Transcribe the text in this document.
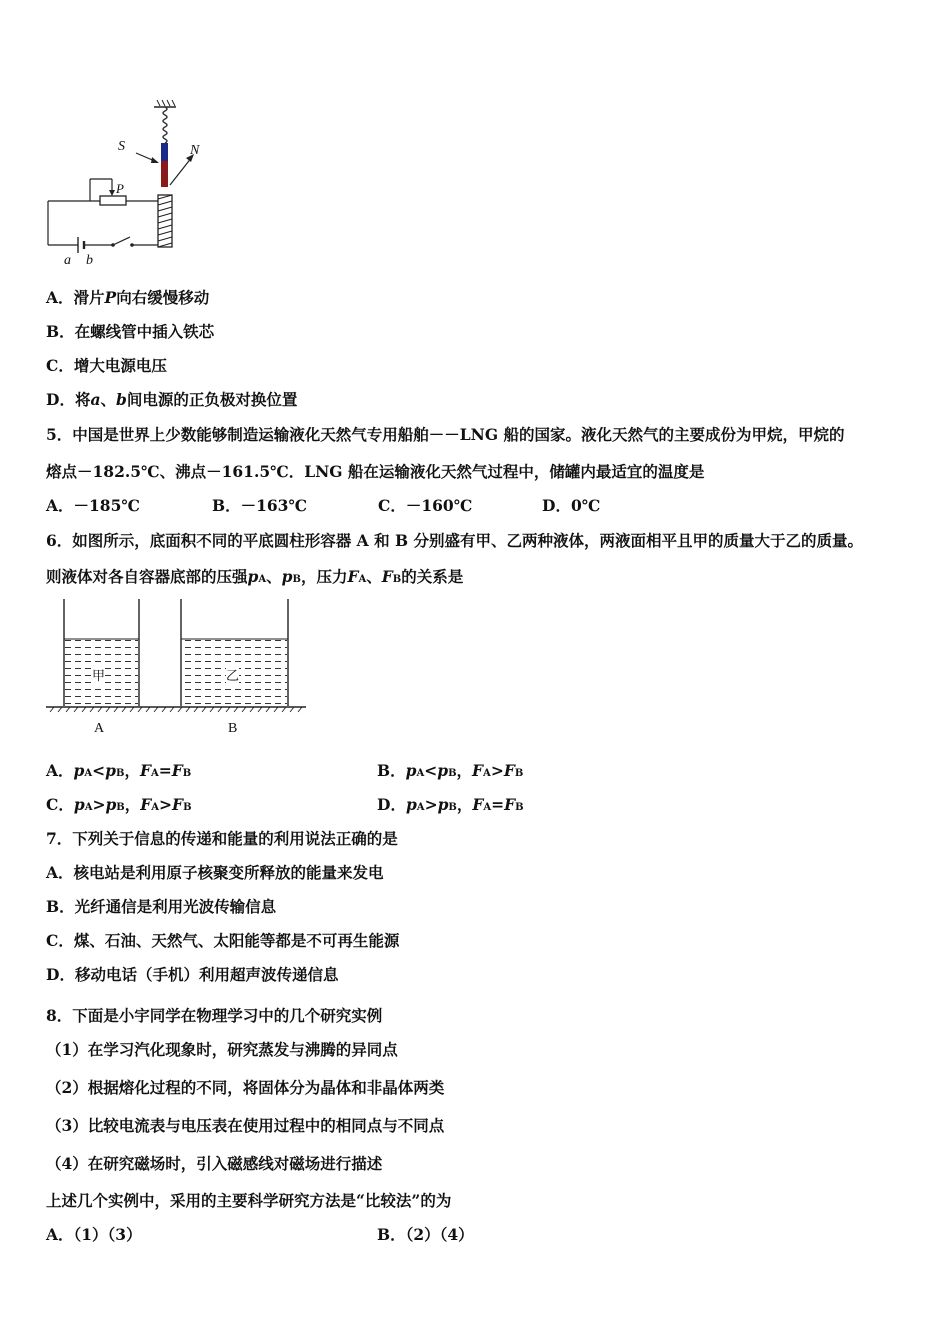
S	N
P
a b
A．滑片P向右缓慢移动
B．在螺线管中插入铁芯
C．增大电源电压
D．将a、b间电源的正负极对换位置
5．中国是世界上少数能够制造运输液化天然气专用船舶－－LNG 船的国家。液化天然气的主要成份为甲烷，甲烷的
熔点－182.5℃、沸点－161.5℃．LNG 船在运输液化天然气过程中，储罐内最适宜的温度是
A．－185℃	B．－163℃	C．－160℃	D．0℃
6．如图所示，底面积不同的平底圆柱形容器 A 和 B 分别盛有甲、乙两种液体，两液面相平且甲的质量大于乙的质量。
则液体对各自容器底部的压强pA、pB，压力FA、FB的关系是
甲	乙
A	B
A．pA<pB，FA=FB	B．pA<pB，FA>FB
C．pA>pB，FA>FB	D．pA>pB，FA=FB
7．下列关于信息的传递和能量的利用说法正确的是
A．核电站是利用原子核聚变所释放的能量来发电
B．光纤通信是利用光波传输信息
C．煤、石油、天然气、太阳能等都是不可再生能源
D．移动电话（手机）利用超声波传递信息
8．下面是小宇同学在物理学习中的几个研究实例
（1）在学习汽化现象时，研究蒸发与沸腾的异同点
（2）根据熔化过程的不同，将固体分为晶体和非晶体两类
（3）比较电流表与电压表在使用过程中的相同点与不同点
（4）在研究磁场时，引入磁感线对磁场进行描述
上述几个实例中，采用的主要科学研究方法是“比较法”的为
A．（1）（3）	B．（2）（4）
